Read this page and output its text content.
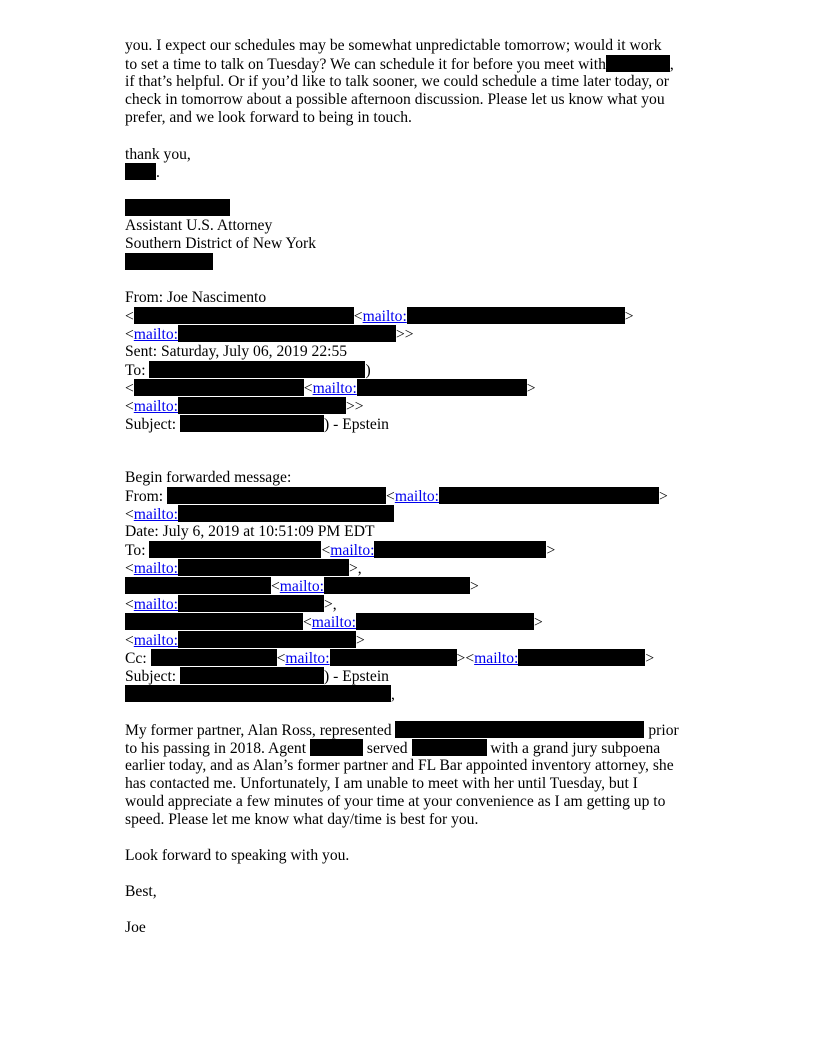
you. I expect our schedules may be somewhat unpredictable tomorrow; would it work
to set a time to talk on Tuesday? We can schedule it for before you meet with	,
if that’s helpful. Or if you’d like to talk sooner, we could schedule a time later today, or
check in tomorrow about a possible afternoon discussion. Please let us know what you
prefer, and we look forward to being in touch.
thank you,
.
Assistant U.S. Attorney
Southern District of New York
From: Joe Nascimento
<	<mailto:	>
<mailto:	>>
Sent: Saturday, July 06, 2019 22:55
To:	)
<	<mailto:	>
<mailto:	>>
Subject:	) - Epstein
Begin forwarded message:
From:	<mailto:	>
<mailto:
Date: July 6, 2019 at 10:51:09 PM EDT
To:	<mailto:	>
<mailto:	>,
<mailto:	>
<mailto:	>,
<mailto:	>
<mailto:	>
Cc:	<mailto:	><mailto:	>
Subject:	) - Epstein
,
My former partner, Alan Ross, represented	prior
to his passing in 2018. Agent	served	with a grand jury subpoena
earlier today, and as Alan’s former partner and FL Bar appointed inventory attorney, she
has contacted me. Unfortunately, I am unable to meet with her until Tuesday, but I
would appreciate a few minutes of your time at your convenience as I am getting up to
speed. Please let me know what day/time is best for you.
Look forward to speaking with you.
Best,
Joe
